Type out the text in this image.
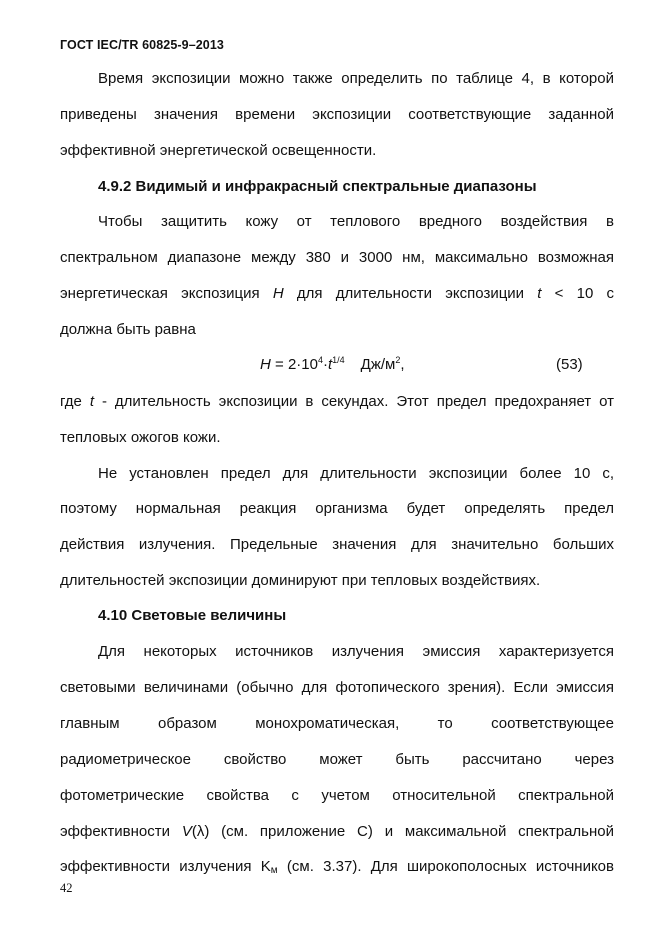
ГОСТ IEC/TR 60825-9–2013
Время экспозиции можно также определить по таблице 4, в которой
приведены значения времени экспозиции соответствующие заданной
эффективной энергетической освещенности.
4.9.2 Видимый и инфракрасный спектральные диапазоны
Чтобы защитить кожу от теплового вредного воздействия в
спектральном диапазоне между 380 и 3000 нм, максимально возможная
энергетическая экспозиция H для длительности экспозиции t < 10 с
должна быть равна
$H = 2\cdot 10^4\cdot t^{1/4}$ $Дж/м^2$,	(53)
где t - длительность экспозиции в секундах. Этот предел предохраняет от
тепловых ожогов кожи.
Не установлен предел для длительности экспозиции более 10 с,
поэтому нормальная реакция организма будет определять предел
действия излучения. Предельные значения для значительно больших
длительностей экспозиции доминируют при тепловых воздействиях.
4.10 Световые величины
Для некоторых источников излучения эмиссия характеризуется
световыми величинами (обычно для фотопического зрения). Если эмиссия
главным образом монохроматическая, то соответствующее
радиометрическое свойство может быть рассчитано через
фотометрические свойства с учетом относительной спектральной
эффективности V(λ) (см. приложение С) и максимальной спектральной
эффективности излучения $K_м$ (см. 3.37). Для широкополосных источников
42
